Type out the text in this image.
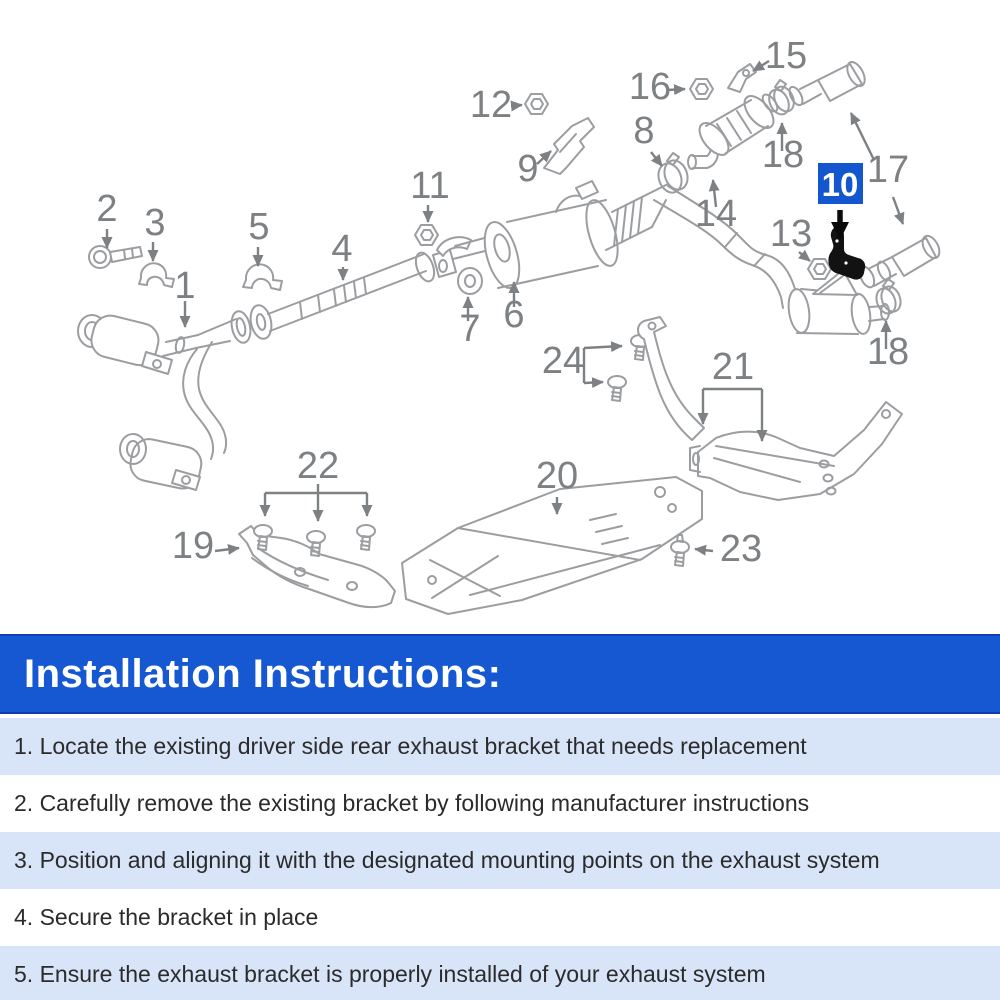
1
2 3
4
5
6
7
8
9
11
12
13
14
15
16
17
18
18
19
20
21
22
23
24
10
Installation Instructions:
1. Locate the existing driver side rear exhaust bracket that needs replacement
2. Carefully remove the existing bracket by following manufacturer instructions
3. Position and aligning it with the designated mounting points on the exhaust system
4. Secure the bracket in place
5. Ensure the exhaust bracket is properly installed of your exhaust system
